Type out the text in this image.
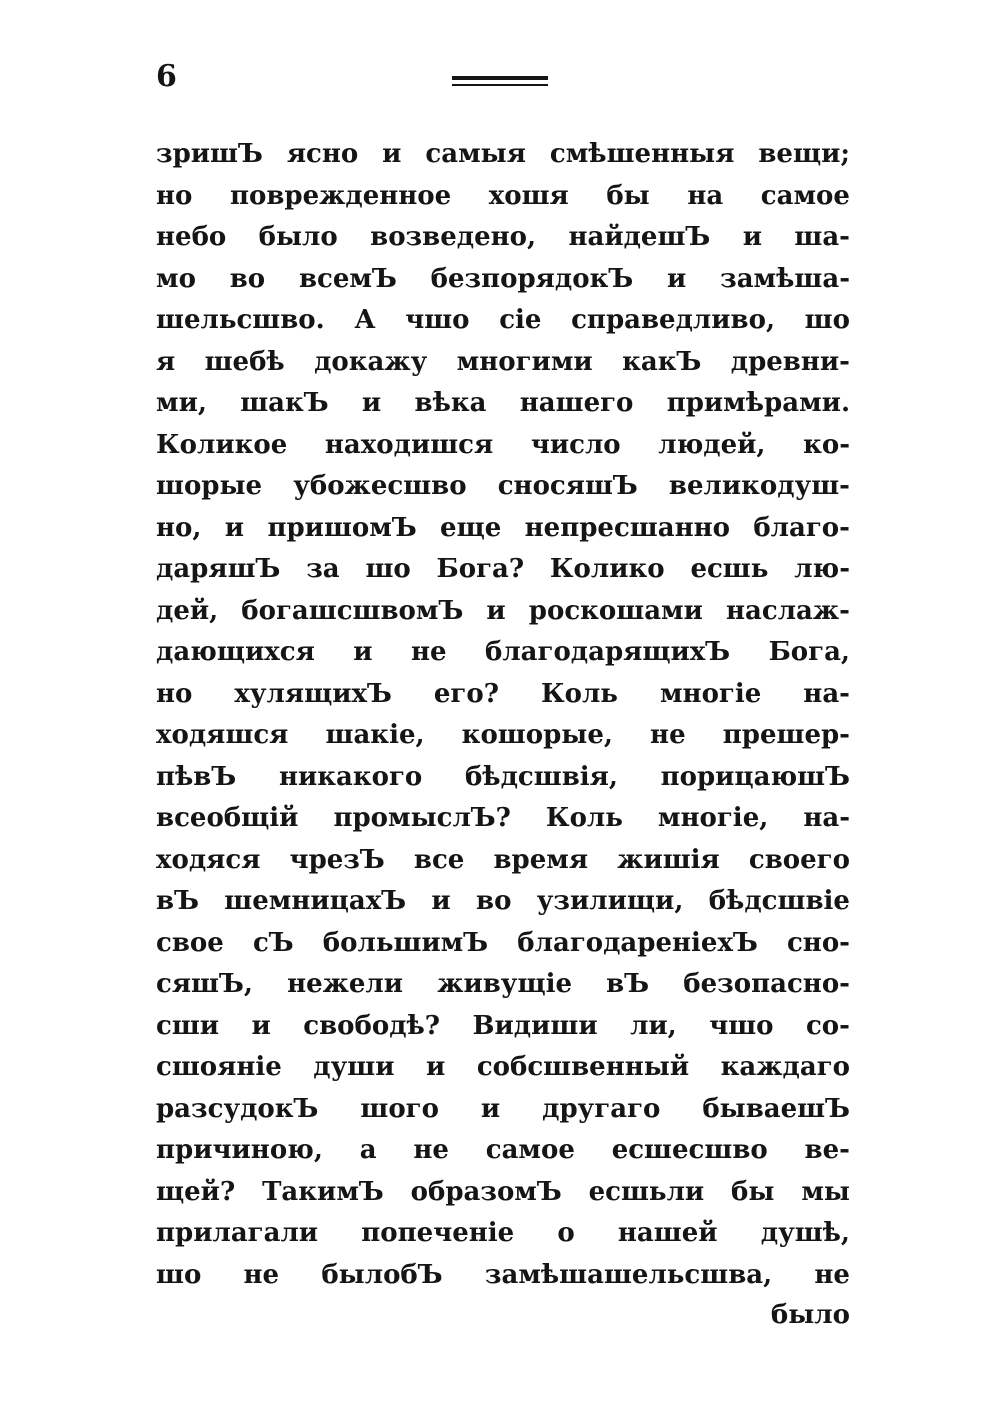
6
зришЪ ясно и самыя смѣшенныя вещи;
но поврежденное хошя бы на самое
небо было возведено, найдешЪ и ша-
мо во всемЪ безпорядокЪ и замѣша-
шельсшво. А чшо сіе справедливо, шо
я шебѣ докажу многими какЪ древни-
ми, шакЪ и вѣка нашего примѣрами.
Коликое находишся число людей, ко-
шорые убожесшво сносяшЪ великодуш-
но, и пришомЪ еще непресшанно благо-
даряшЪ за шо Бога? Колико есшь лю-
дей, богашсшвомЪ и роскошами наслаж-
дающихся и не благодарящихЪ Бога,
но хулящихЪ его? Коль многіе на-
ходяшся шакіе, кошорые, не прешер-
пѣвЪ никакого бѣдсшвія, порицаюшЪ
всеобщій промыслЪ? Коль многіе, на-
ходяся чрезЪ все время жишія своего
вЪ шемницахЪ и во узилищи, бѣдсшвіе
свое сЪ большимЪ благодареніехЪ сно-
сяшЪ, нежели живущіе вЪ безопасно-
сши и свободѣ? Видиши ли, чшо со-
сшояніе души и собсшвенный каждаго
разсудокЪ шого и другаго бываешЪ
причиною, а не самое есшесшво ве-
щей? ТакимЪ образомЪ есшьли бы мы
прилагали попеченіе о нашей душѣ,
шо не былобЪ замѣшашельсшва, не
было
